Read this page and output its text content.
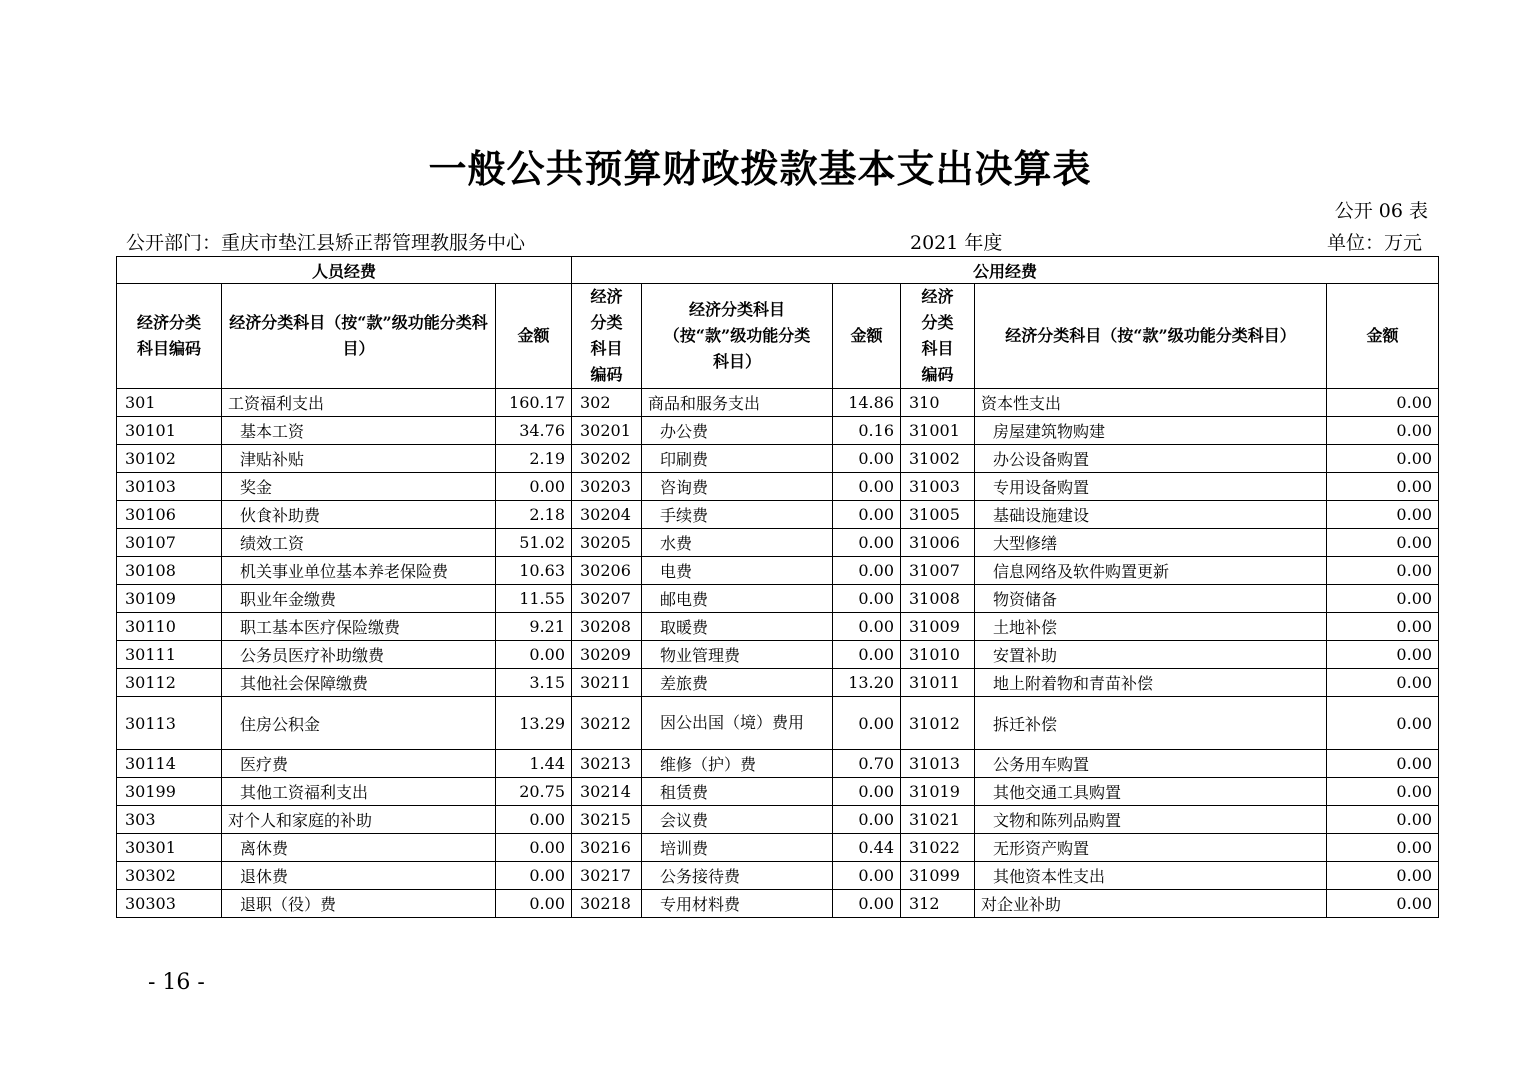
一般公共预算财政拨款基本支出决算表
公开 06 表
公开部门：重庆市垫江县矫正帮管理教服务中心	2021 年度	单位：万元
人员经费			公用经费					
经济分类科目编码	经济分类科目（按“款”级功能分类科目）	金额	经济分类科目编码	经济分类科目（按“款”级功能分类科目）	金额	经济分类科目编码	经济分类科目（按“款”级功能分类科目）	金额
301	工资福利支出	160.17	302	商品和服务支出	14.86	310	资本性支出	0.00
30101	基本工资	34.76	30201	办公费	0.16	31001	房屋建筑物购建	0.00
30102	津贴补贴	2.19	30202	印刷费	0.00	31002	办公设备购置	0.00
30103	奖金	0.00	30203	咨询费	0.00	31003	专用设备购置	0.00
30106	伙食补助费	2.18	30204	手续费	0.00	31005	基础设施建设	0.00
30107	绩效工资	51.02	30205	水费	0.00	31006	大型修缮	0.00
30108	机关事业单位基本养老保险费	10.63	30206	电费	0.00	31007	信息网络及软件购置更新	0.00
30109	职业年金缴费	11.55	30207	邮电费	0.00	31008	物资储备	0.00
30110	职工基本医疗保险缴费	9.21	30208	取暖费	0.00	31009	土地补偿	0.00
30111	公务员医疗补助缴费	0.00	30209	物业管理费	0.00	31010	安置补助	0.00
30112	其他社会保障缴费	3.15	30211	差旅费	13.20	31011	地上附着物和青苗补偿	0.00
30113	住房公积金	13.29	30212	因公出国（境）费用	0.00	31012	拆迁补偿	0.00
30114	医疗费	1.44	30213	维修（护）费	0.70	31013	公务用车购置	0.00
30199	其他工资福利支出	20.75	30214	租赁费	0.00	31019	其他交通工具购置	0.00
303	对个人和家庭的补助	0.00	30215	会议费	0.00	31021	文物和陈列品购置	0.00
30301	离休费	0.00	30216	培训费	0.44	31022	无形资产购置	0.00
30302	退休费	0.00	30217	公务接待费	0.00	31099	其他资本性支出	0.00
30303	退职（役）费	0.00	30218	专用材料费	0.00	312	对企业补助	0.00
- 16 -
